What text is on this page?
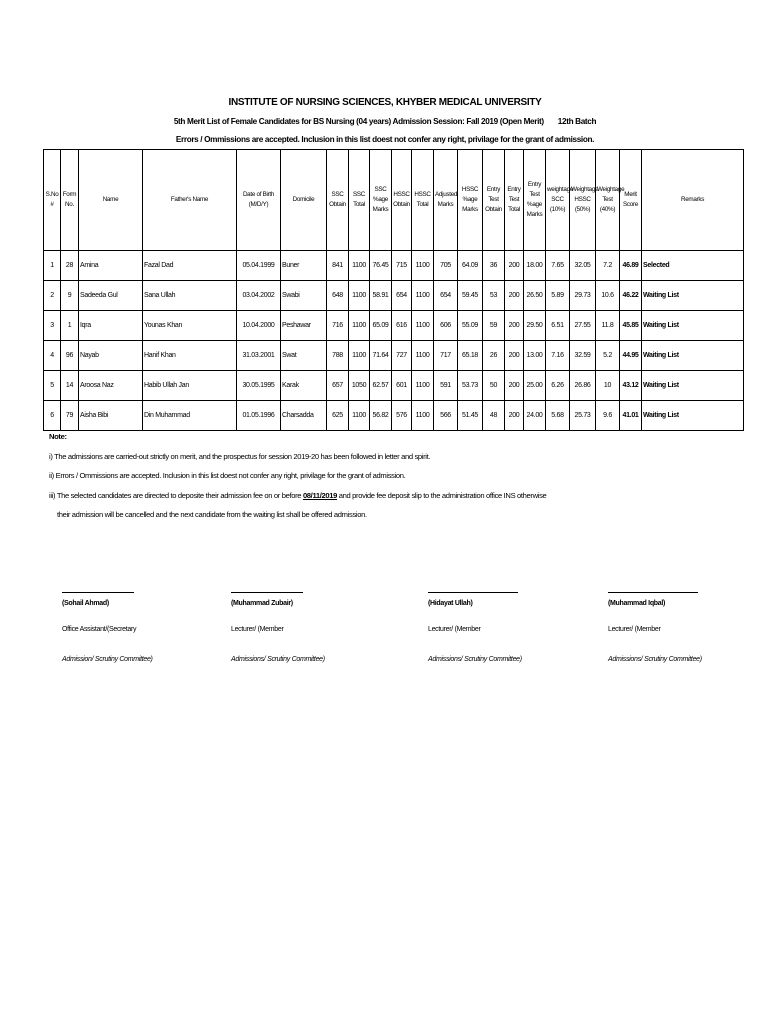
INSTITUTE OF NURSING SCIENCES, KHYBER MEDICAL UNIVERSITY
5th Merit List of Female Candidates for BS Nursing (04 years) Admission Session: Fall 2019 (Open Merit) 12th Batch
Errors / Ommissions are accepted. Inclusion in this list doest not confer any right, privilage for the grant of admission.
S.No #	Form No.	Name	Father's Name	Date of Birth (M/D/Y)	Domicile	SSC Obtain	SSC Total	SSC %age Marks	HSSC Obtain	HSSC Total	Adjusted Marks	HSSC %age Marks	Entry Test Obtain	Entry Test Total	Entry Test %age Marks	weightage SCC (10%)	Weightage HSSC (50%)	Weightage Test (40%)	Merit Score	Remarks
1	28	Amina	Fazal Dad	05.04.1999	Buner	841	1100	76.45	715	1100	705	64.09	36	200	18.00	7.65	32.05	7.2	46.89	Selected
2	9	Sadeeda Gul	Sana Ullah	03.04.2002	Swabi	648	1100	58.91	654	1100	654	59.45	53	200	26.50	5.89	29.73	10.6	46.22	Waiting List
3	1	Iqra	Younas Khan	10.04.2000	Peshawar	716	1100	65.09	616	1100	606	55.09	59	200	29.50	6.51	27.55	11.8	45.85	Waiting List
4	96	Nayab	Hanif Khan	31.03.2001	Swat	788	1100	71.64	727	1100	717	65.18	26	200	13.00	7.16	32.59	5.2	44.95	Waiting List
5	14	Aroosa Naz	Habib Ullah Jan	30.05.1995	Karak	657	1050	62.57	601	1100	591	53.73	50	200	25.00	6.26	26.86	10	43.12	Waiting List
6	79	Aisha Bibi	Din Muhammad	01.05.1996	Charsadda	625	1100	56.82	576	1100	566	51.45	48	200	24.00	5.68	25.73	9.6	41.01	Waiting List
Note:
i) The admissions are carried-out strictly on merit, and the prospectus for session 2019-20 has been followed in letter and spirit.
ii) Errors / Ommissions are accepted. Inclusion in this list doest not confer any right, privilage for the grant of admission.
iii) The selected candidates are directed to deposite their admission fee on or before 08/11/2019 and provide fee deposit slip to the administration office INS otherwise
their admission will be cancelled and the next candidate from the waiting list shall be offered admission.
(Sohail Ahmad)
Office Assistant/(Secretary
Admission/ Scrutiny Committee)
(Muhammad Zubair)
Lecturer/ (Member
Admissions/ Scrutiny Committee)
(Hidayat Ullah)
Lecturer/ (Member
Admissions/ Scrutiny Committee)
(Muhammad Iqbal)
Lecturer/ (Member
Admissions/ Scrutiny Committee)
